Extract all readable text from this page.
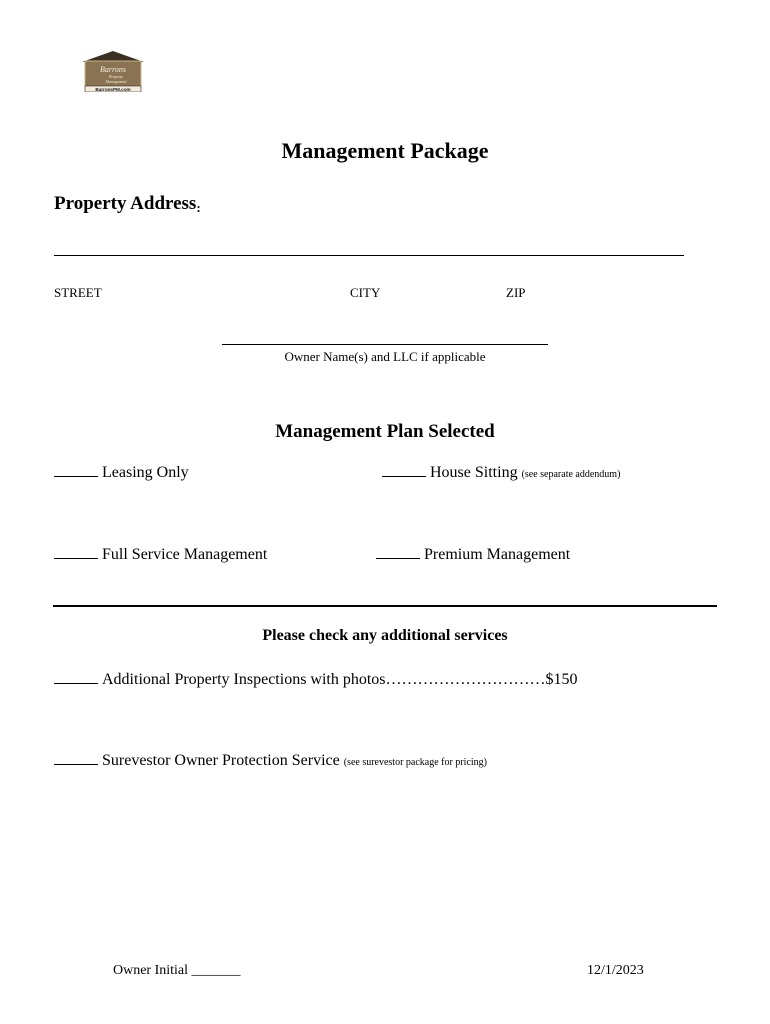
Barrons
Property
Management
BarronsPM.com
Management Package
Property Address:
STREET	CITY	ZIP
Owner Name(s) and LLC if applicable
Management Plan Selected
Leasing Only	House Sitting (see separate addendum)
Full Service Management	Premium Management
Please check any additional services
Additional Property Inspections with photos…………………………$150
Surevestor Owner Protection Service (see surevestor package for pricing)
Owner Initial _______	12/1/2023
